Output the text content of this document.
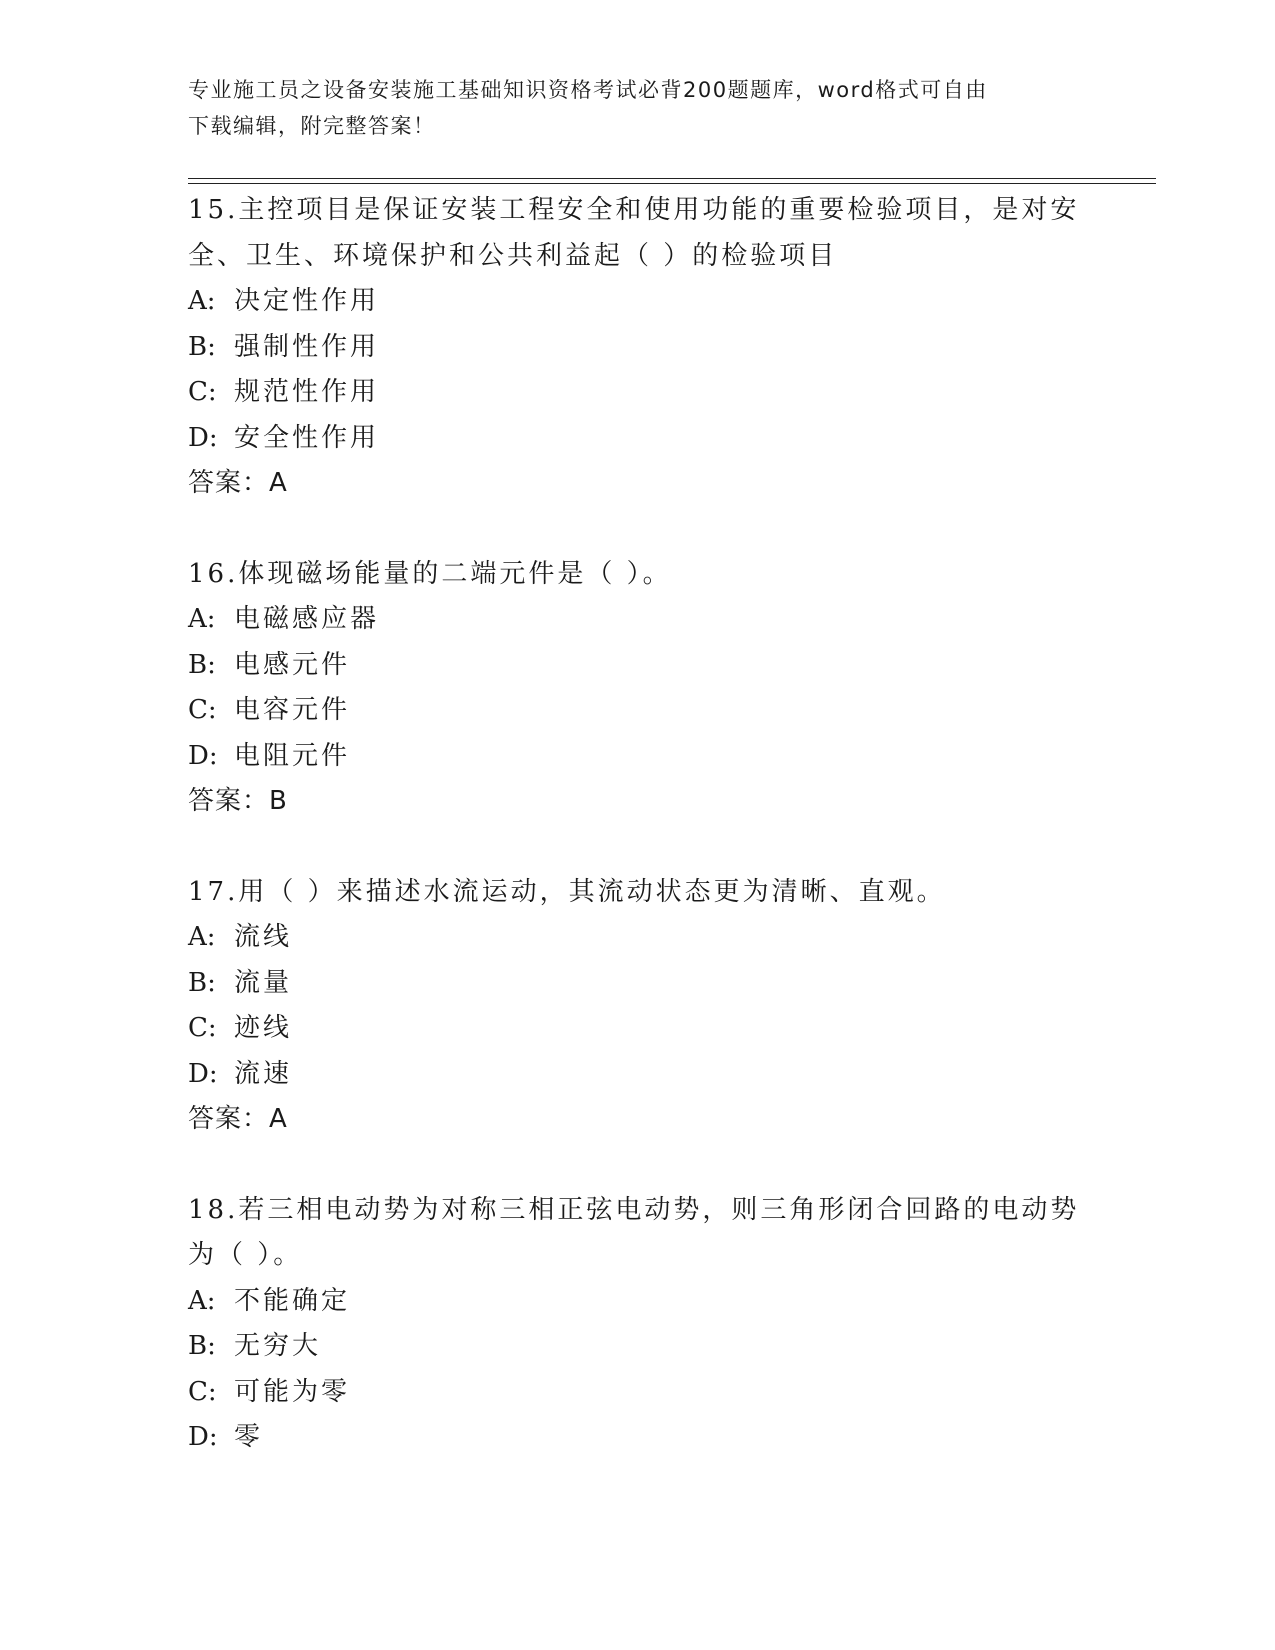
专业施工员之设备安装施工基础知识资格考试必背200题题库，word格式可自由
下载编辑，附完整答案！
15.主控项目是保证安装工程安全和使用功能的重要检验项目，是对安
全、卫生、环境保护和公共利益起（ ）的检验项目
A: 决定性作用
B: 强制性作用
C: 规范性作用
D: 安全性作用
答案：A
16.体现磁场能量的二端元件是（ ）。
A: 电磁感应器
B: 电感元件
C: 电容元件
D: 电阻元件
答案：B
17.用（ ）来描述水流运动，其流动状态更为清晰、直观。
A: 流线
B: 流量
C: 迹线
D: 流速
答案：A
18.若三相电动势为对称三相正弦电动势，则三角形闭合回路的电动势
为（ ）。
A: 不能确定
B: 无穷大
C: 可能为零
D: 零
